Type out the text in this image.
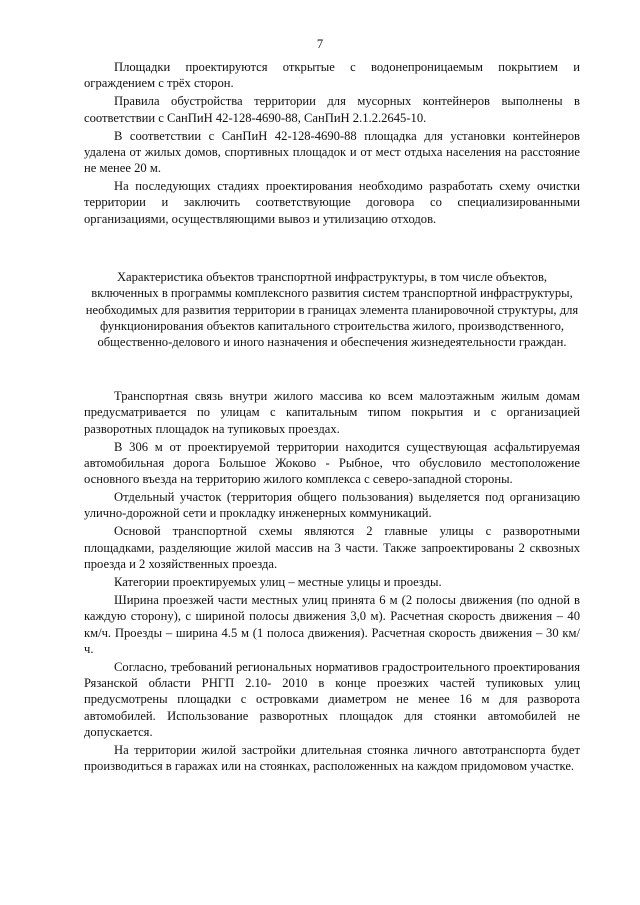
7

Площадки проектируются открытые с водонепроницаемым покрытием и ограждением с трёх сторон.

Правила обустройства территории для мусорных контейнеров выполнены в соответствии с СанПиН 42-128-4690-88, СанПиН 2.1.2.2645-10.

В соответствии с СанПиН 42-128-4690-88 площадка для установки контейнеров удалена от жилых домов, спортивных площадок и от мест отдыха населения на расстояние не менее 20 м.

На последующих стадиях проектирования необходимо разработать схему очистки территории и заключить соответствующие договора со специализированными организациями, осуществляющими вывоз и утилизацию отходов.

Характеристика объектов транспортной инфраструктуры, в том числе объектов, включенных в программы комплексного развития систем транспортной инфраструктуры, необходимых для развития территории в границах элемента планировочной структуры, для функционирования объектов капитального строительства жилого, производственного, общественно-делового и иного назначения и обеспечения жизнедеятельности граждан.

Транспортная связь внутри жилого массива ко всем малоэтажным жилым домам предусматривается по улицам с капитальным типом покрытия и с организацией разворотных площадок на тупиковых проездах.

В 306 м от проектируемой территории находится существующая асфальтируемая автомобильная дорога Большое Жоково - Рыбное, что обусловило местоположение основного въезда на территорию жилого комплекса с северо-западной стороны.

Отдельный участок (территория общего пользования) выделяется под организацию улично-дорожной сети и прокладку инженерных коммуникаций.

Основой транспортной схемы являются 2 главные улицы с разворотными площадками, разделяющие жилой массив на 3 части. Также запроектированы 2 сквозных проезда и 2 хозяйственных проезда.

Категории проектируемых улиц – местные улицы и проезды.

Ширина проезжей части местных улиц принята 6 м (2 полосы движения (по одной в каждую сторону), с шириной полосы движения 3,0 м). Расчетная скорость движения – 40 км/ч. Проезды – ширина 4.5 м (1 полоса движения). Расчетная скорость движения – 30 км/ч.

Согласно, требований региональных нормативов градостроительного проектирования Рязанской области РНГП 2.10- 2010 в конце проезжих частей тупиковых улиц предусмотрены площадки с островками диаметром не менее 16 м для разворота автомобилей. Использование разворотных площадок для стоянки автомобилей не допускается.

На территории жилой застройки длительная стоянка личного автотранспорта будет производиться в гаражах или на стоянках, расположенных на каждом придомовом участке.
